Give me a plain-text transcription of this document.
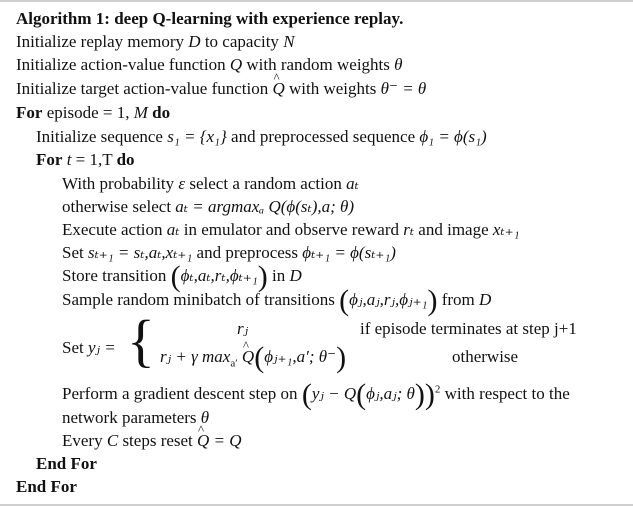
Algorithm 1: deep Q-learning with experience replay.
Initialize replay memory D to capacity N
Initialize action-value function Q with random weights θ
Initialize target action-value function ^ Q with weights θ⁻ = θ
For episode = 1, M do
Initialize sequence s₁ = {x₁} and preprocessed sequence ϕ₁ = ϕ(s₁)
For t = 1,T do
With probability ε select a random action aₜ
otherwise select aₜ = argmaxₐ Q(ϕ(sₜ),a; θ)
Execute action aₜ in emulator and observe reward rₜ and image xₜ₊₁
Set sₜ₊₁ = sₜ,aₜ,xₜ₊₁ and preprocess ϕₜ₊₁ = ϕ(sₜ₊₁)
Store transition (ϕₜ,aₜ,rₜ,ϕₜ₊₁) in D
Sample random minibatch of transitions (ϕⱼ,aⱼ,rⱼ,ϕⱼ₊₁) from D
Set yⱼ = {	rⱼ	if episode terminates at step j+1
rⱼ + γ $\max_{a'}$ ^ Q(ϕⱼ₊₁,a′; θ⁻)	otherwise
Perform a gradient descent step on (yⱼ − Q(ϕⱼ,aⱼ; θ))$^2$ with respect to the
network parameters θ
Every C steps reset ^ Q = Q
End For
End For
